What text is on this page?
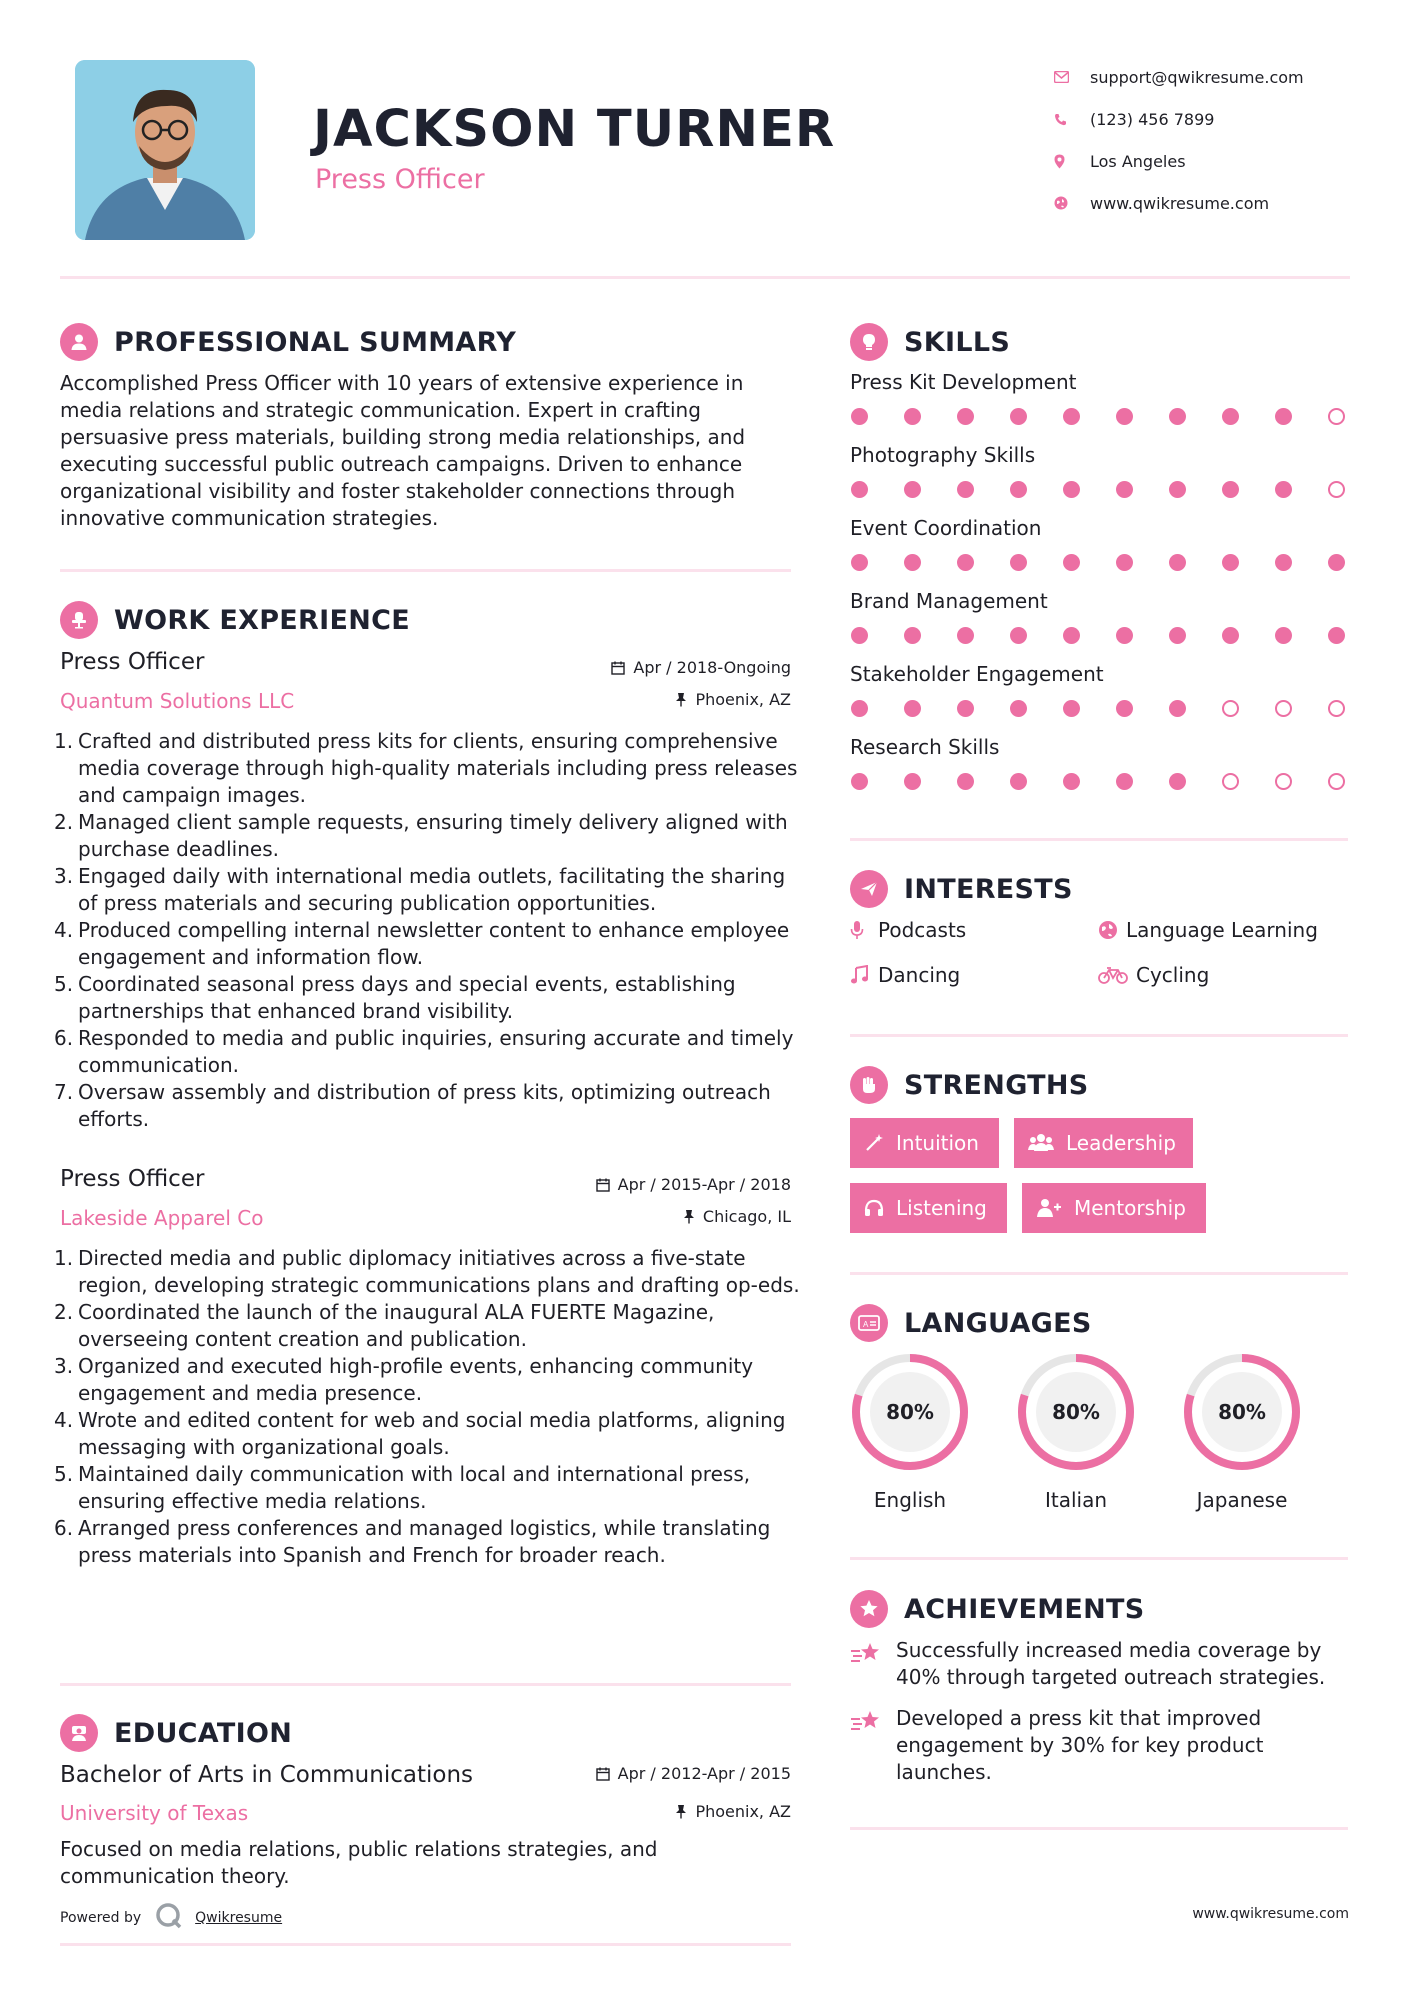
JACKSON TURNER
Press Officer
support@qwikresume.com
(123) 456 7899
Los Angeles
www.qwikresume.com
PROFESSIONAL SUMMARY
Accomplished Press Officer with 10 years of extensive experience in media relations and strategic communication. Expert in crafting persuasive press materials, building strong media relationships, and executing successful public outreach campaigns. Driven to enhance organizational visibility and foster stakeholder connections through innovative communication strategies.
WORK EXPERIENCE
Press Officer
Quantum Solutions LLC
Apr / 2018-Ongoing
Phoenix, AZ
1. Crafted and distributed press kits for clients, ensuring comprehensive media coverage through high-quality materials including press releases and campaign images.
2. Managed client sample requests, ensuring timely delivery aligned with purchase deadlines.
3. Engaged daily with international media outlets, facilitating the sharing of press materials and securing publication opportunities.
4. Produced compelling internal newsletter content to enhance employee engagement and information flow.
5. Coordinated seasonal press days and special events, establishing partnerships that enhanced brand visibility.
6. Responded to media and public inquiries, ensuring accurate and timely communication.
7. Oversaw assembly and distribution of press kits, optimizing outreach efforts.
Press Officer
Lakeside Apparel Co
Apr / 2015-Apr / 2018
Chicago, IL
1. Directed media and public diplomacy initiatives across a five-state region, developing strategic communications plans and drafting op-eds.
2. Coordinated the launch of the inaugural ALA FUERTE Magazine, overseeing content creation and publication.
3. Organized and executed high-profile events, enhancing community engagement and media presence.
4. Wrote and edited content for web and social media platforms, aligning messaging with organizational goals.
5. Maintained daily communication with local and international press, ensuring effective media relations.
6. Arranged press conferences and managed logistics, while translating press materials into Spanish and French for broader reach.
EDUCATION
Bachelor of Arts in Communications
University of Texas
Apr / 2012-Apr / 2015
Phoenix, AZ
Focused on media relations, public relations strategies, and communication theory.
SKILLS
Press Kit Development
Photography Skills
Event Coordination
Brand Management
Stakeholder Engagement
Research Skills
INTERESTS
Podcasts	Language Learning
Dancing	Cycling
STRENGTHS
Intuition	Leadership
Listening	Mentorship
A LANGUAGES
80%
English
80%
Italian
80%
Japanese
ACHIEVEMENTS
Successfully increased media coverage by 40% through targeted outreach strategies.
Developed a press kit that improved engagement by 30% for key product launches.
Powered by	Qwikresume	www.qwikresume.com
